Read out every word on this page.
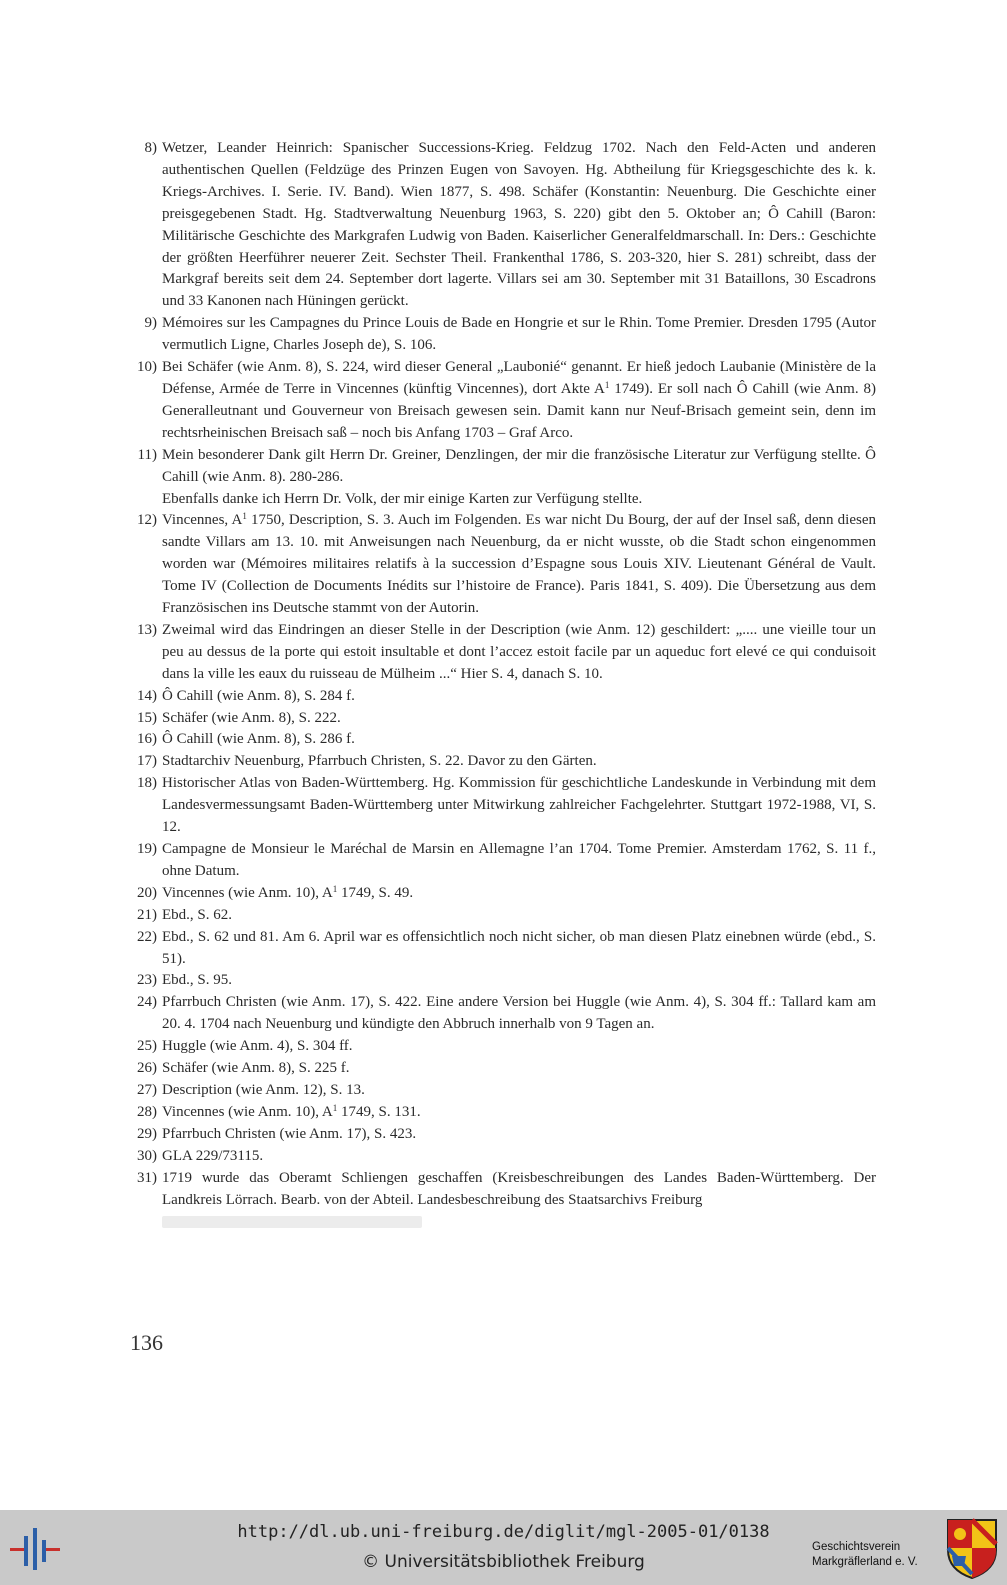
8) Wetzer, Leander Heinrich: Spanischer Successions-Krieg. Feldzug 1702. Nach den Feld-Acten und anderen authentischen Quellen (Feldzüge des Prinzen Eugen von Savoyen. Hg. Abtheilung für Kriegsgeschichte des k. k. Kriegs-Archives. I. Serie. IV. Band). Wien 1877, S. 498. Schäfer (Konstantin: Neuenburg. Die Geschichte einer preisgegebenen Stadt. Hg. Stadtverwaltung Neuenburg 1963, S. 220) gibt den 5. Oktober an; Ô Cahill (Baron: Militärische Geschichte des Markgrafen Ludwig von Baden. Kaiserlicher Generalfeldmarschall. In: Ders.: Geschichte der größten Heerführer neuerer Zeit. Sechster Theil. Frankenthal 1786, S. 203-320, hier S. 281) schreibt, dass der Markgraf bereits seit dem 24. September dort lagerte. Villars sei am 30. September mit 31 Bataillons, 30 Escadrons und 33 Kanonen nach Hüningen gerückt.

9) Mémoires sur les Campagnes du Prince Louis de Bade en Hongrie et sur le Rhin. Tome Premier. Dresden 1795 (Autor vermutlich Ligne, Charles Joseph de), S. 106.

10) Bei Schäfer (wie Anm. 8), S. 224, wird dieser General „Laubonié“ genannt. Er hieß jedoch Laubanie (Ministère de la Défense, Armée de Terre in Vincennes (künftig Vincennes), dort Akte $A^1$ 1749). Er soll nach Ô Cahill (wie Anm. 8) Generalleutnant und Gouverneur von Breisach gewesen sein. Damit kann nur Neuf-Brisach gemeint sein, denn im rechtsrheinischen Breisach saß – noch bis Anfang 1703 – Graf Arco.

11) Mein besonderer Dank gilt Herrn Dr. Greiner, Denzlingen, der mir die französische Literatur zur Verfügung stellte. Ô Cahill (wie Anm. 8). 280-286.

Ebenfalls danke ich Herrn Dr. Volk, der mir einige Karten zur Verfügung stellte.

12) Vincennes, $A^1$ 1750, Description, S. 3. Auch im Folgenden. Es war nicht Du Bourg, der auf der Insel saß, denn diesen sandte Villars am 13. 10. mit Anweisungen nach Neuenburg, da er nicht wusste, ob die Stadt schon eingenommen worden war (Mémoires militaires relatifs à la succession d’Espagne sous Louis XIV. Lieutenant Général de Vault. Tome IV (Collection de Documents Inédits sur l’histoire de France). Paris 1841, S. 409). Die Übersetzung aus dem Französischen ins Deutsche stammt von der Autorin.

13) Zweimal wird das Eindringen an dieser Stelle in der Description (wie Anm. 12) geschildert: „.... une vieille tour un peu au dessus de la porte qui estoit insultable et dont l’accez estoit facile par un aqueduc fort elevé ce qui conduisoit dans la ville les eaux du ruisseau de Mülheim ...“ Hier S. 4, danach S. 10.

14) Ô Cahill (wie Anm. 8), S. 284 f.

15) Schäfer (wie Anm. 8), S. 222.

16) Ô Cahill (wie Anm. 8), S. 286 f.

17) Stadtarchiv Neuenburg, Pfarrbuch Christen, S. 22. Davor zu den Gärten.

18) Historischer Atlas von Baden-Württemberg. Hg. Kommission für geschichtliche Landeskunde in Verbindung mit dem Landesvermessungsamt Baden-Württemberg unter Mitwirkung zahlreicher Fachgelehrter. Stuttgart 1972-1988, VI, S. 12.

19) Campagne de Monsieur le Maréchal de Marsin en Allemagne l’an 1704. Tome Premier. Amsterdam 1762, S. 11 f., ohne Datum.

20) Vincennes (wie Anm. 10), $A^1$ 1749, S. 49.

21) Ebd., S. 62.

22) Ebd., S. 62 und 81. Am 6. April war es offensichtlich noch nicht sicher, ob man diesen Platz einebnen würde (ebd., S. 51).

23) Ebd., S. 95.

24) Pfarrbuch Christen (wie Anm. 17), S. 422. Eine andere Version bei Huggle (wie Anm. 4), S. 304 ff.: Tallard kam am 20. 4. 1704 nach Neuenburg und kündigte den Abbruch innerhalb von 9 Tagen an.

25) Huggle (wie Anm. 4), S. 304 ff.

26) Schäfer (wie Anm. 8), S. 225 f.

27) Description (wie Anm. 12), S. 13.

28) Vincennes (wie Anm. 10), $A^1$ 1749, S. 131.

29) Pfarrbuch Christen (wie Anm. 17), S. 423.

30) GLA 229/73115.

31) 1719 wurde das Oberamt Schliengen geschaffen (Kreisbeschreibungen des Landes Baden-Württemberg. Der Landkreis Lörrach. Bearb. von der Abteil. Landesbeschreibung des Staatsarchivs Freiburg

136
http://dl.ub.uni-freiburg.de/diglit/mgl-2005-01/0138
© Universitätsbibliothek Freiburg
Geschichtsverein
Markgräflerland e. V.
